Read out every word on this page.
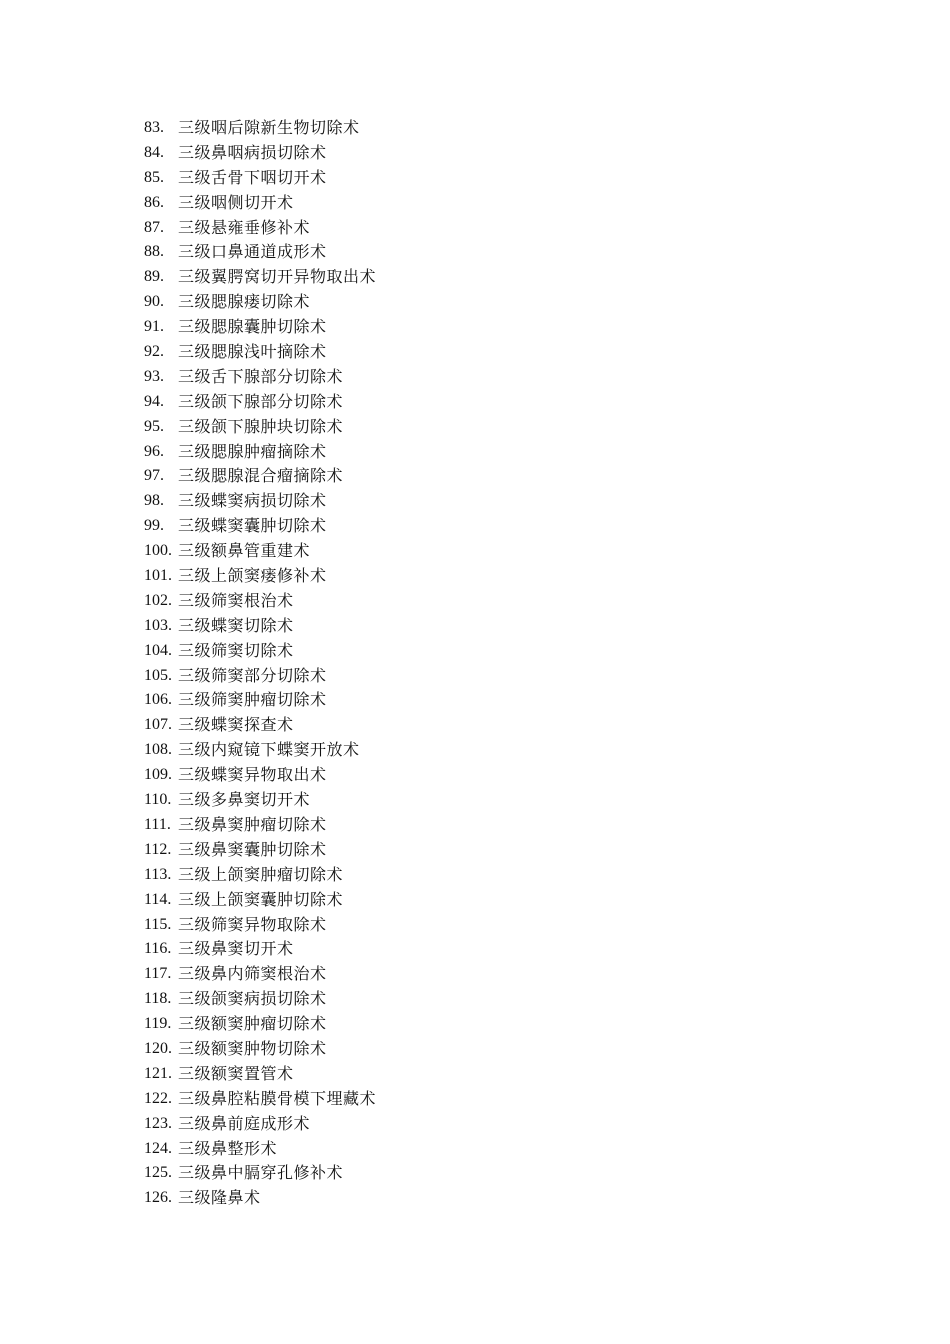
83. 三级咽后隙新生物切除术
84. 三级鼻咽病损切除术
85. 三级舌骨下咽切开术
86. 三级咽侧切开术
87. 三级悬雍垂修补术
88. 三级口鼻通道成形术
89. 三级翼腭窝切开异物取出术
90. 三级腮腺瘘切除术
91. 三级腮腺囊肿切除术
92. 三级腮腺浅叶摘除术
93. 三级舌下腺部分切除术
94. 三级颌下腺部分切除术
95. 三级颌下腺肿块切除术
96. 三级腮腺肿瘤摘除术
97. 三级腮腺混合瘤摘除术
98. 三级蝶窦病损切除术
99. 三级蝶窦囊肿切除术
100. 三级额鼻管重建术
101. 三级上颌窦瘘修补术
102. 三级筛窦根治术
103. 三级蝶窦切除术
104. 三级筛窦切除术
105. 三级筛窦部分切除术
106. 三级筛窦肿瘤切除术
107. 三级蝶窦探查术
108. 三级内窥镜下蝶窦开放术
109. 三级蝶窦异物取出术
110. 三级多鼻窦切开术
111. 三级鼻窦肿瘤切除术
112. 三级鼻窦囊肿切除术
113. 三级上颌窦肿瘤切除术
114. 三级上颌窦囊肿切除术
115. 三级筛窦异物取除术
116. 三级鼻窦切开术
117. 三级鼻内筛窦根治术
118. 三级颌窦病损切除术
119. 三级额窦肿瘤切除术
120. 三级额窦肿物切除术
121. 三级额窦置管术
122. 三级鼻腔粘膜骨模下埋藏术
123. 三级鼻前庭成形术
124. 三级鼻整形术
125. 三级鼻中膈穿孔修补术
126. 三级隆鼻术
